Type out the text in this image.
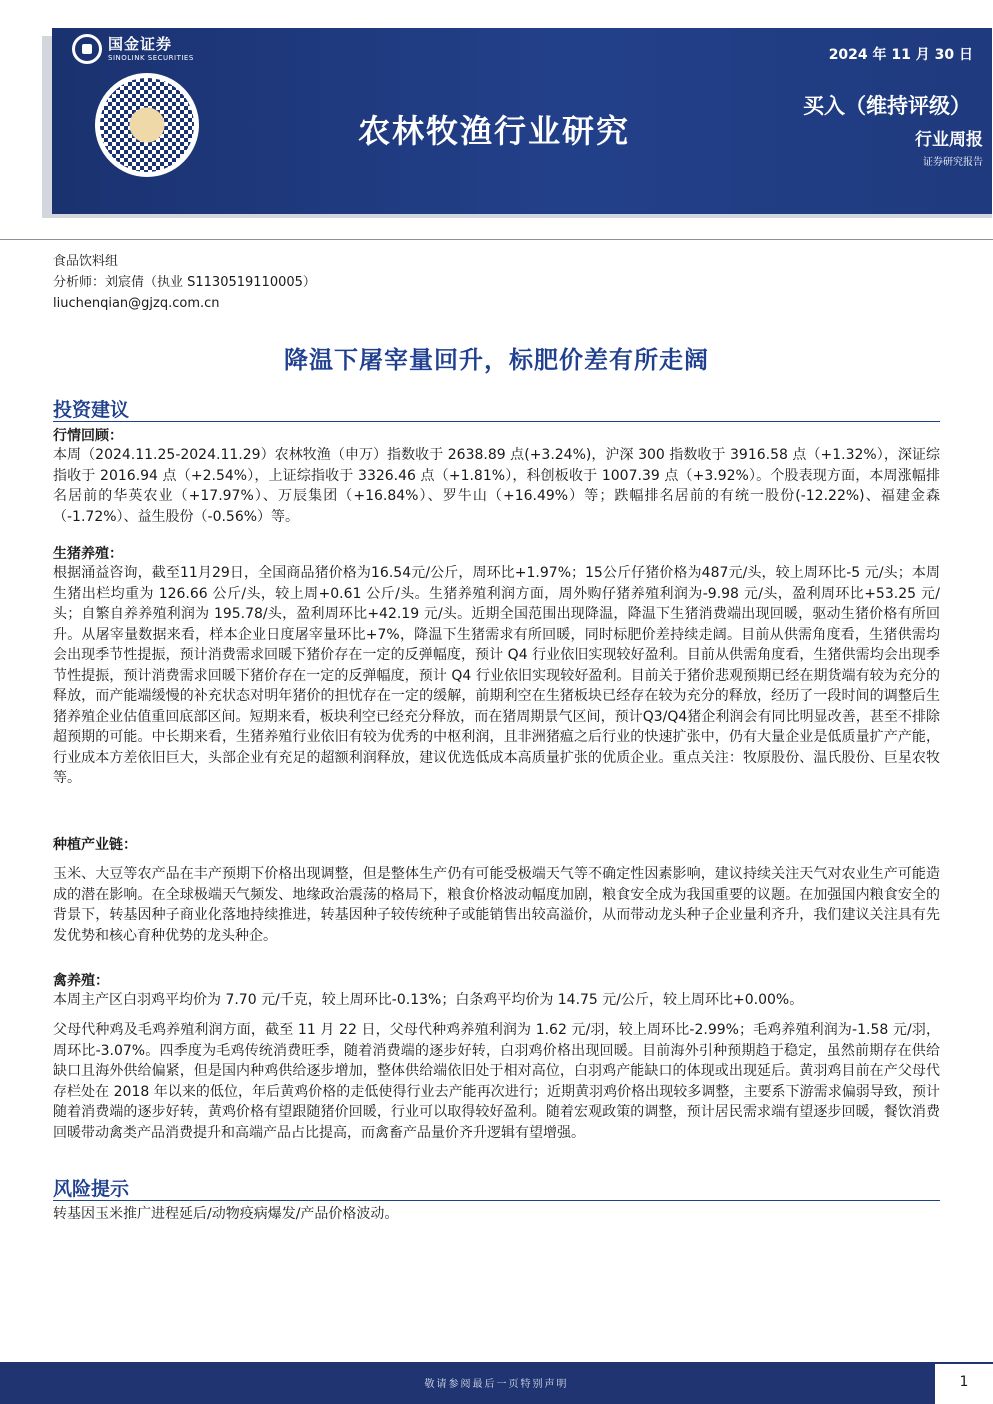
国金证券
SINOLINK SECURITIES	2024 年 11 月 30 日
农林牧渔行业研究
买入（维持评级）
行业周报
证券研究报告
食品饮料组
分析师：刘宸倩（执业 S1130519110005）
liuchenqian@gjzq.com.cn
降温下屠宰量回升，标肥价差有所走阔
投资建议
行情回顾：
本周（2024.11.25-2024.11.29）农林牧渔（申万）指数收于 2638.89 点(+3.24%)，沪深 300 指数收于 3916.58 点（+1.32%），深证综指收于 2016.94 点（+2.54%），上证综指收于 3326.46 点（+1.81%），科创板收于 1007.39 点（+3.92%）。个股表现方面，本周涨幅排名居前的华英农业（+17.97%）、万辰集团（+16.84%）、罗牛山（+16.49%）等；跌幅排名居前的有统一股份(-12.22%)、福建金森（-1.72%）、益生股份（-0.56%）等。
生猪养殖：
根据涌益咨询，截至11月29日，全国商品猪价格为16.54元/公斤，周环比+1.97%；15公斤仔猪价格为487元/头，较上周环比-5 元/头；本周生猪出栏均重为 126.66 公斤/头，较上周+0.61 公斤/头。生猪养殖利润方面，周外购仔猪养殖利润为-9.98 元/头，盈利周环比+53.25 元/头；自繁自养养殖利润为 195.78/头，盈利周环比+42.19 元/头。近期全国范围出现降温，降温下生猪消费端出现回暖，驱动生猪价格有所回升。从屠宰量数据来看，样本企业日度屠宰量环比+7%，降温下生猪需求有所回暖，同时标肥价差持续走阔。目前从供需角度看，生猪供需均会出现季节性提振，预计消费需求回暖下猪价存在一定的反弹幅度，预计 Q4 行业依旧实现较好盈利。目前从供需角度看，生猪供需均会出现季节性提振，预计消费需求回暖下猪价存在一定的反弹幅度，预计 Q4 行业依旧实现较好盈利。目前关于猪价悲观预期已经在期货端有较为充分的释放，而产能端缓慢的补充状态对明年猪价的担忧存在一定的缓解，前期利空在生猪板块已经存在较为充分的释放，经历了一段时间的调整后生猪养殖企业估值重回底部区间。短期来看，板块利空已经充分释放，而在猪周期景气区间，预计Q3/Q4猪企利润会有同比明显改善，甚至不排除超预期的可能。中长期来看，生猪养殖行业依旧有较为优秀的中枢利润，且非洲猪瘟之后行业的快速扩张中，仍有大量企业是低质量扩产产能，行业成本方差依旧巨大，头部企业有充足的超额利润释放，建议优选低成本高质量扩张的优质企业。重点关注：牧原股份、温氏股份、巨星农牧等。
种植产业链：
玉米、大豆等农产品在丰产预期下价格出现调整，但是整体生产仍有可能受极端天气等不确定性因素影响，建议持续关注天气对农业生产可能造成的潜在影响。在全球极端天气频发、地缘政治震荡的格局下，粮食价格波动幅度加剧，粮食安全成为我国重要的议题。在加强国内粮食安全的背景下，转基因种子商业化落地持续推进，转基因种子较传统种子或能销售出较高溢价，从而带动龙头种子企业量利齐升，我们建议关注具有先发优势和核心育种优势的龙头种企。
禽养殖：
本周主产区白羽鸡平均价为 7.70 元/千克，较上周环比-0.13%；白条鸡平均价为 14.75 元/公斤，较上周环比+0.00%。
父母代种鸡及毛鸡养殖利润方面，截至 11 月 22 日，父母代种鸡养殖利润为 1.62 元/羽，较上周环比-2.99%；毛鸡养殖利润为-1.58 元/羽，周环比-3.07%。四季度为毛鸡传统消费旺季，随着消费端的逐步好转，白羽鸡价格出现回暖。目前海外引种预期趋于稳定，虽然前期存在供给缺口且海外供给偏紧，但是国内种鸡供给逐步增加，整体供给端依旧处于相对高位，白羽鸡产能缺口的体现或出现延后。黄羽鸡目前在产父母代存栏处在 2018 年以来的低位，年后黄鸡价格的走低使得行业去产能再次进行；近期黄羽鸡价格出现较多调整，主要系下游需求偏弱导致，预计随着消费端的逐步好转，黄鸡价格有望跟随猪价回暖，行业可以取得较好盈利。随着宏观政策的调整，预计居民需求端有望逐步回暖，餐饮消费回暖带动禽类产品消费提升和高端产品占比提高，而禽畜产品量价齐升逻辑有望增强。
风险提示
转基因玉米推广进程延后/动物疫病爆发/产品价格波动。
敬请参阅最后一页特别声明	1
